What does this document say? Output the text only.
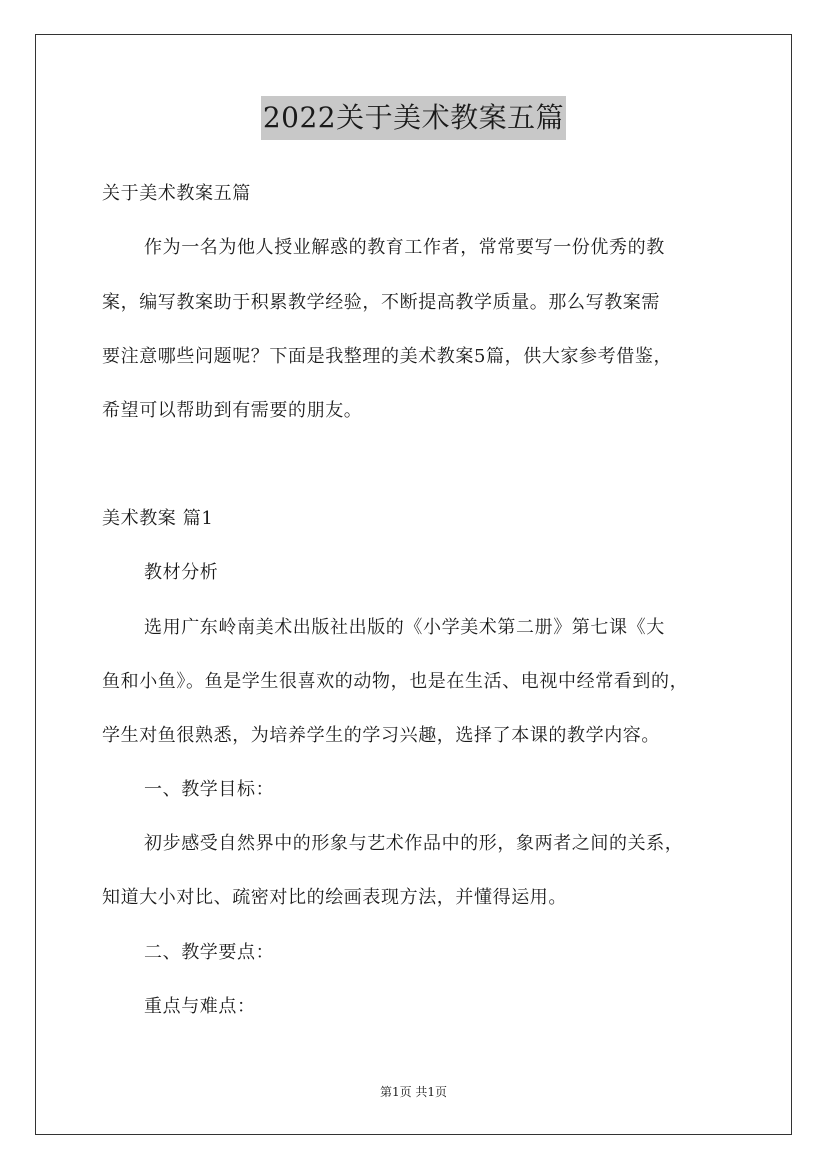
2022关于美术教案五篇
关于美术教案五篇
作为一名为他人授业解惑的教育工作者，常常要写一份优秀的教
案，编写教案助于积累教学经验，不断提高教学质量。那么写教案需
要注意哪些问题呢？下面是我整理的美术教案5篇，供大家参考借鉴，
希望可以帮助到有需要的朋友。
美术教案 篇1
教材分析
选用广东岭南美术出版社出版的《小学美术第二册》第七课《大
鱼和小鱼》。鱼是学生很喜欢的动物，也是在生活、电视中经常看到的，
学生对鱼很熟悉，为培养学生的学习兴趣，选择了本课的教学内容。
一、教学目标：
初步感受自然界中的形象与艺术作品中的形，象两者之间的关系，
知道大小对比、疏密对比的绘画表现方法，并懂得运用。
二、教学要点：
重点与难点：
第1页 共1页
